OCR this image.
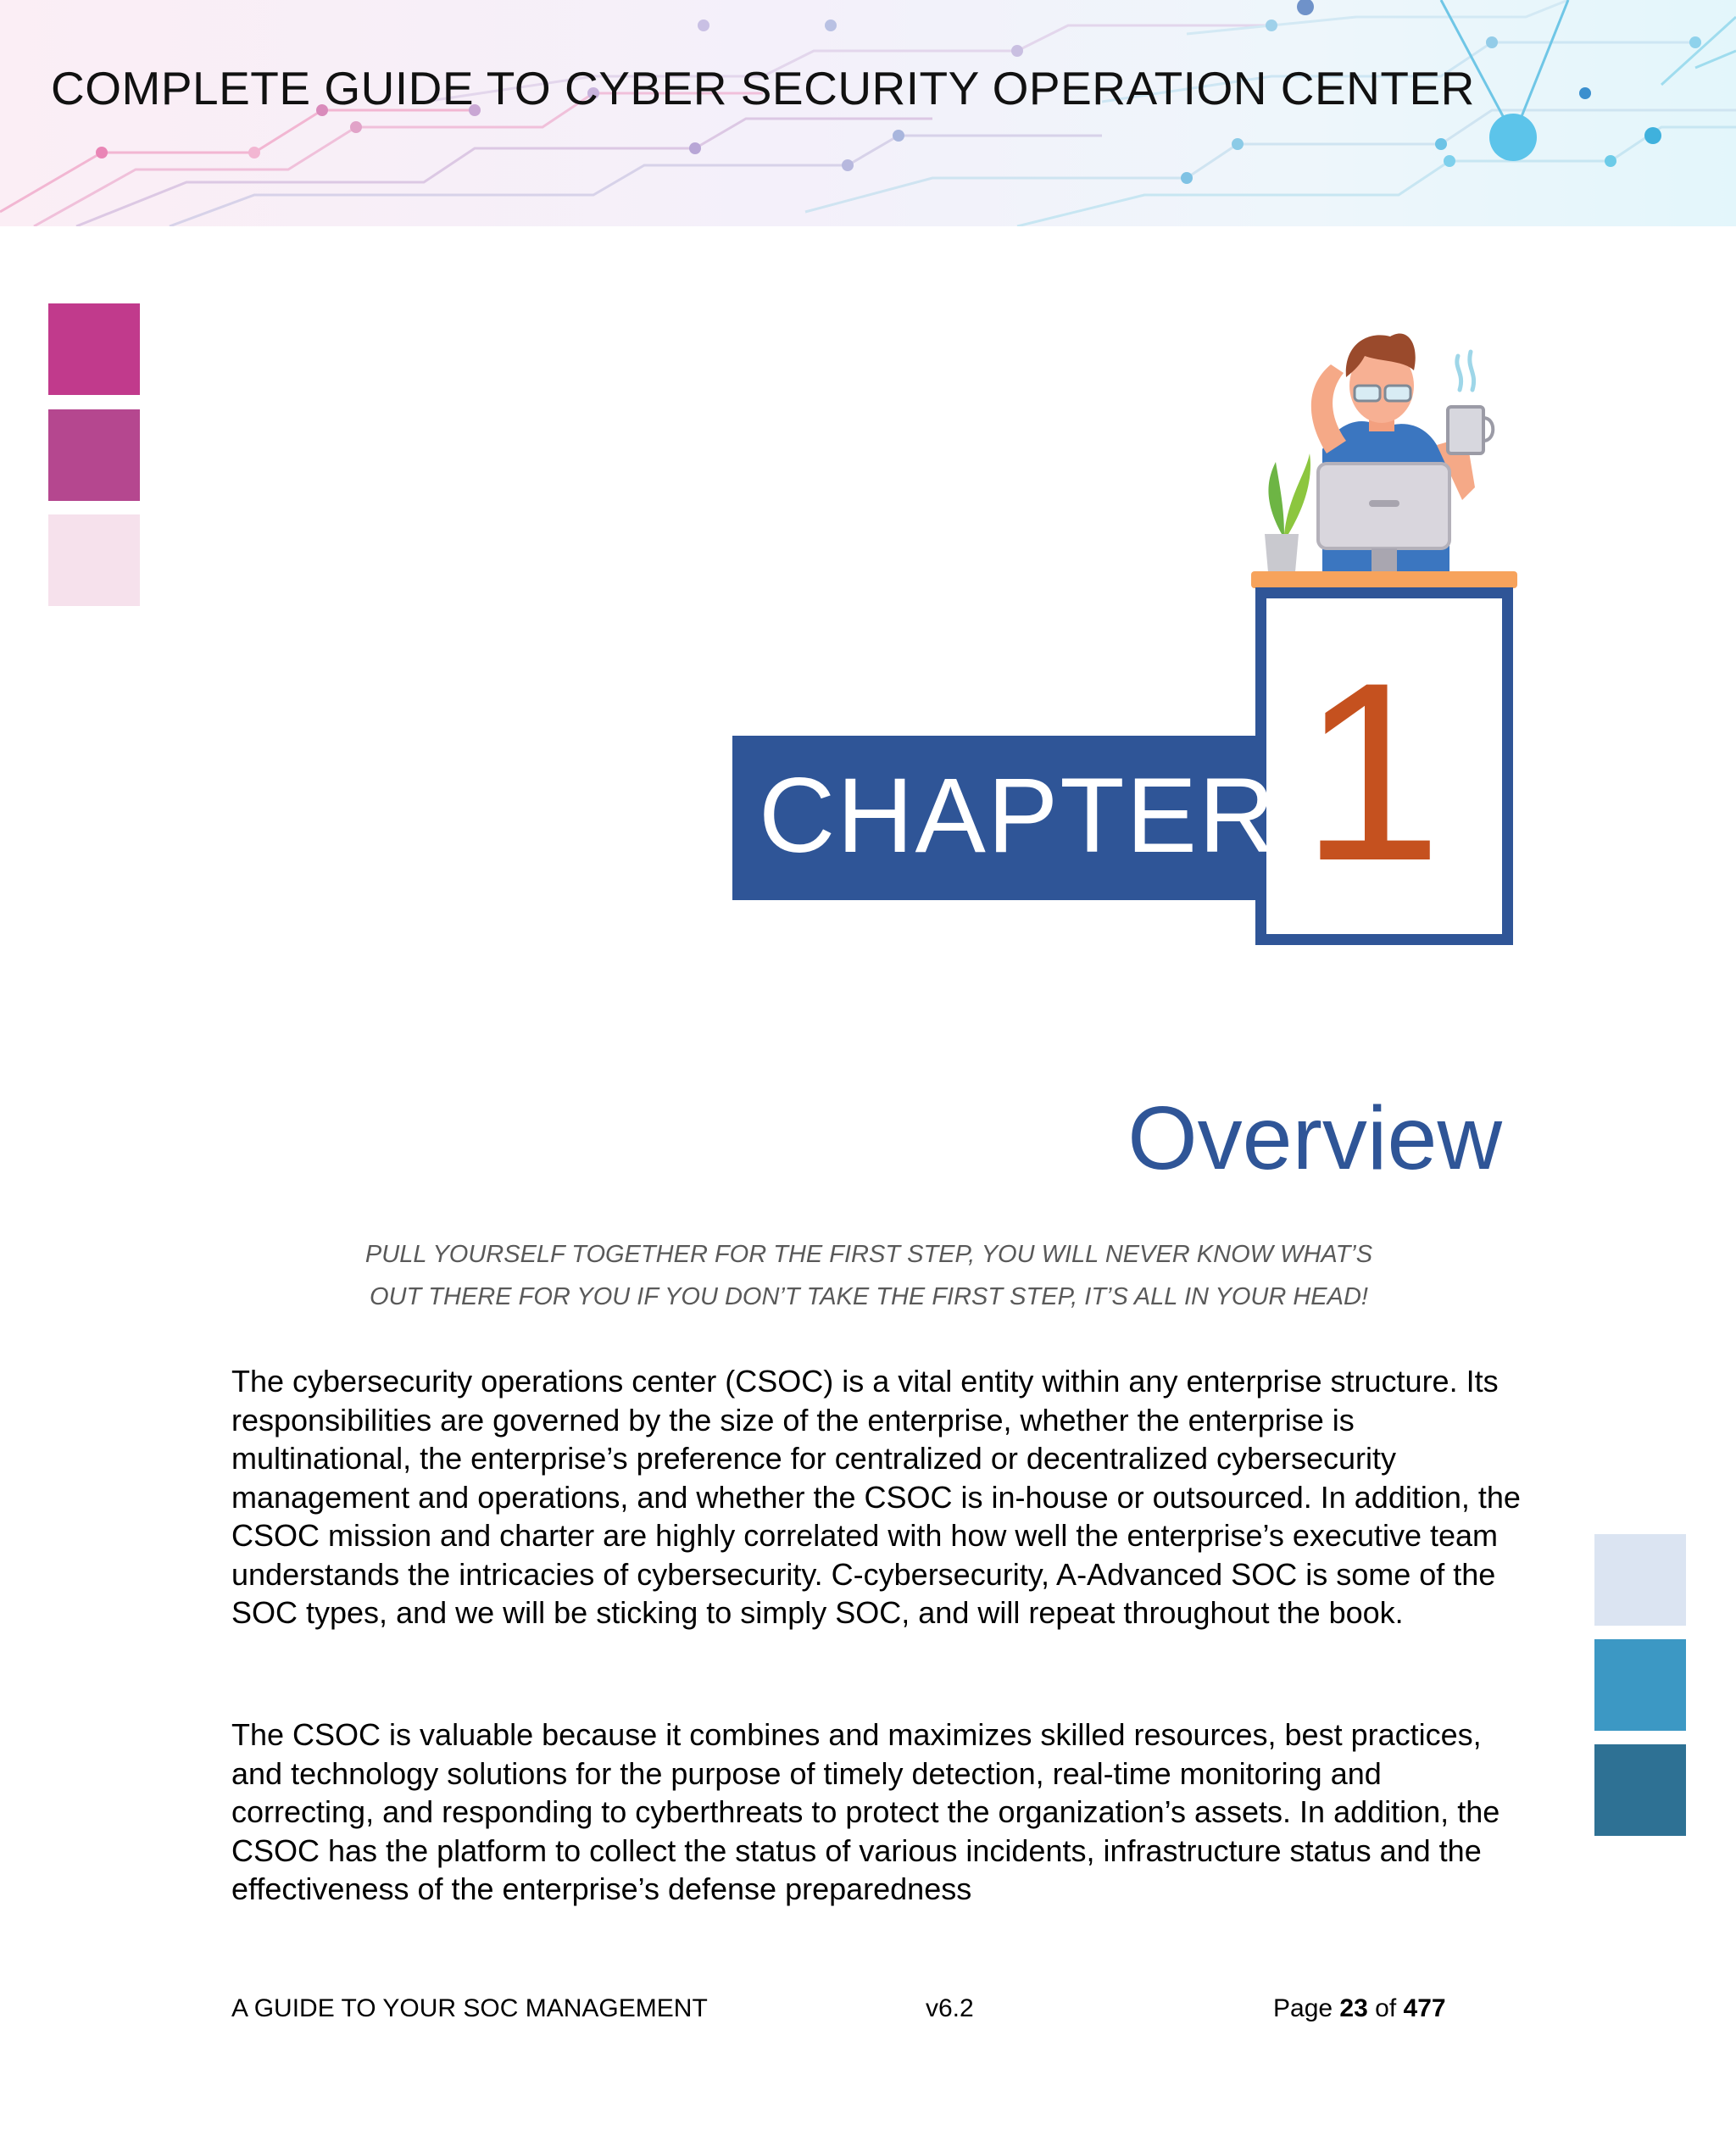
COMPLETE GUIDE TO CYBER SECURITY OPERATION CENTER
1
CHAPTER
Overview
PULL YOURSELF TOGETHER FOR THE FIRST STEP, YOU WILL NEVER KNOW WHAT’S
OUT THERE FOR YOU IF YOU DON’T TAKE THE FIRST STEP, IT’S ALL IN YOUR HEAD!

The cybersecurity operations center (CSOC) is a vital entity within any enterprise structure. Its responsibilities are governed by the size of the enterprise, whether the enterprise is multinational, the enterprise’s preference for centralized or decentralized cybersecurity management and operations, and whether the CSOC is in-house or outsourced. In addition, the CSOC mission and charter are highly correlated with how well the enterprise’s executive team understands the intricacies of cybersecurity. C-cybersecurity, A-Advanced SOC is some of the SOC types, and we will be sticking to simply SOC, and will repeat throughout the book.

The CSOC is valuable because it combines and maximizes skilled resources, best practices, and technology solutions for the purpose of timely detection, real-time monitoring and correcting, and responding to cyberthreats to protect the organization’s assets. In addition, the CSOC has the platform to collect the status of various incidents, infrastructure status and the effectiveness of the enterprise’s defense preparedness

A GUIDE TO YOUR SOC MANAGEMENT	v6.2	Page 23 of 477
